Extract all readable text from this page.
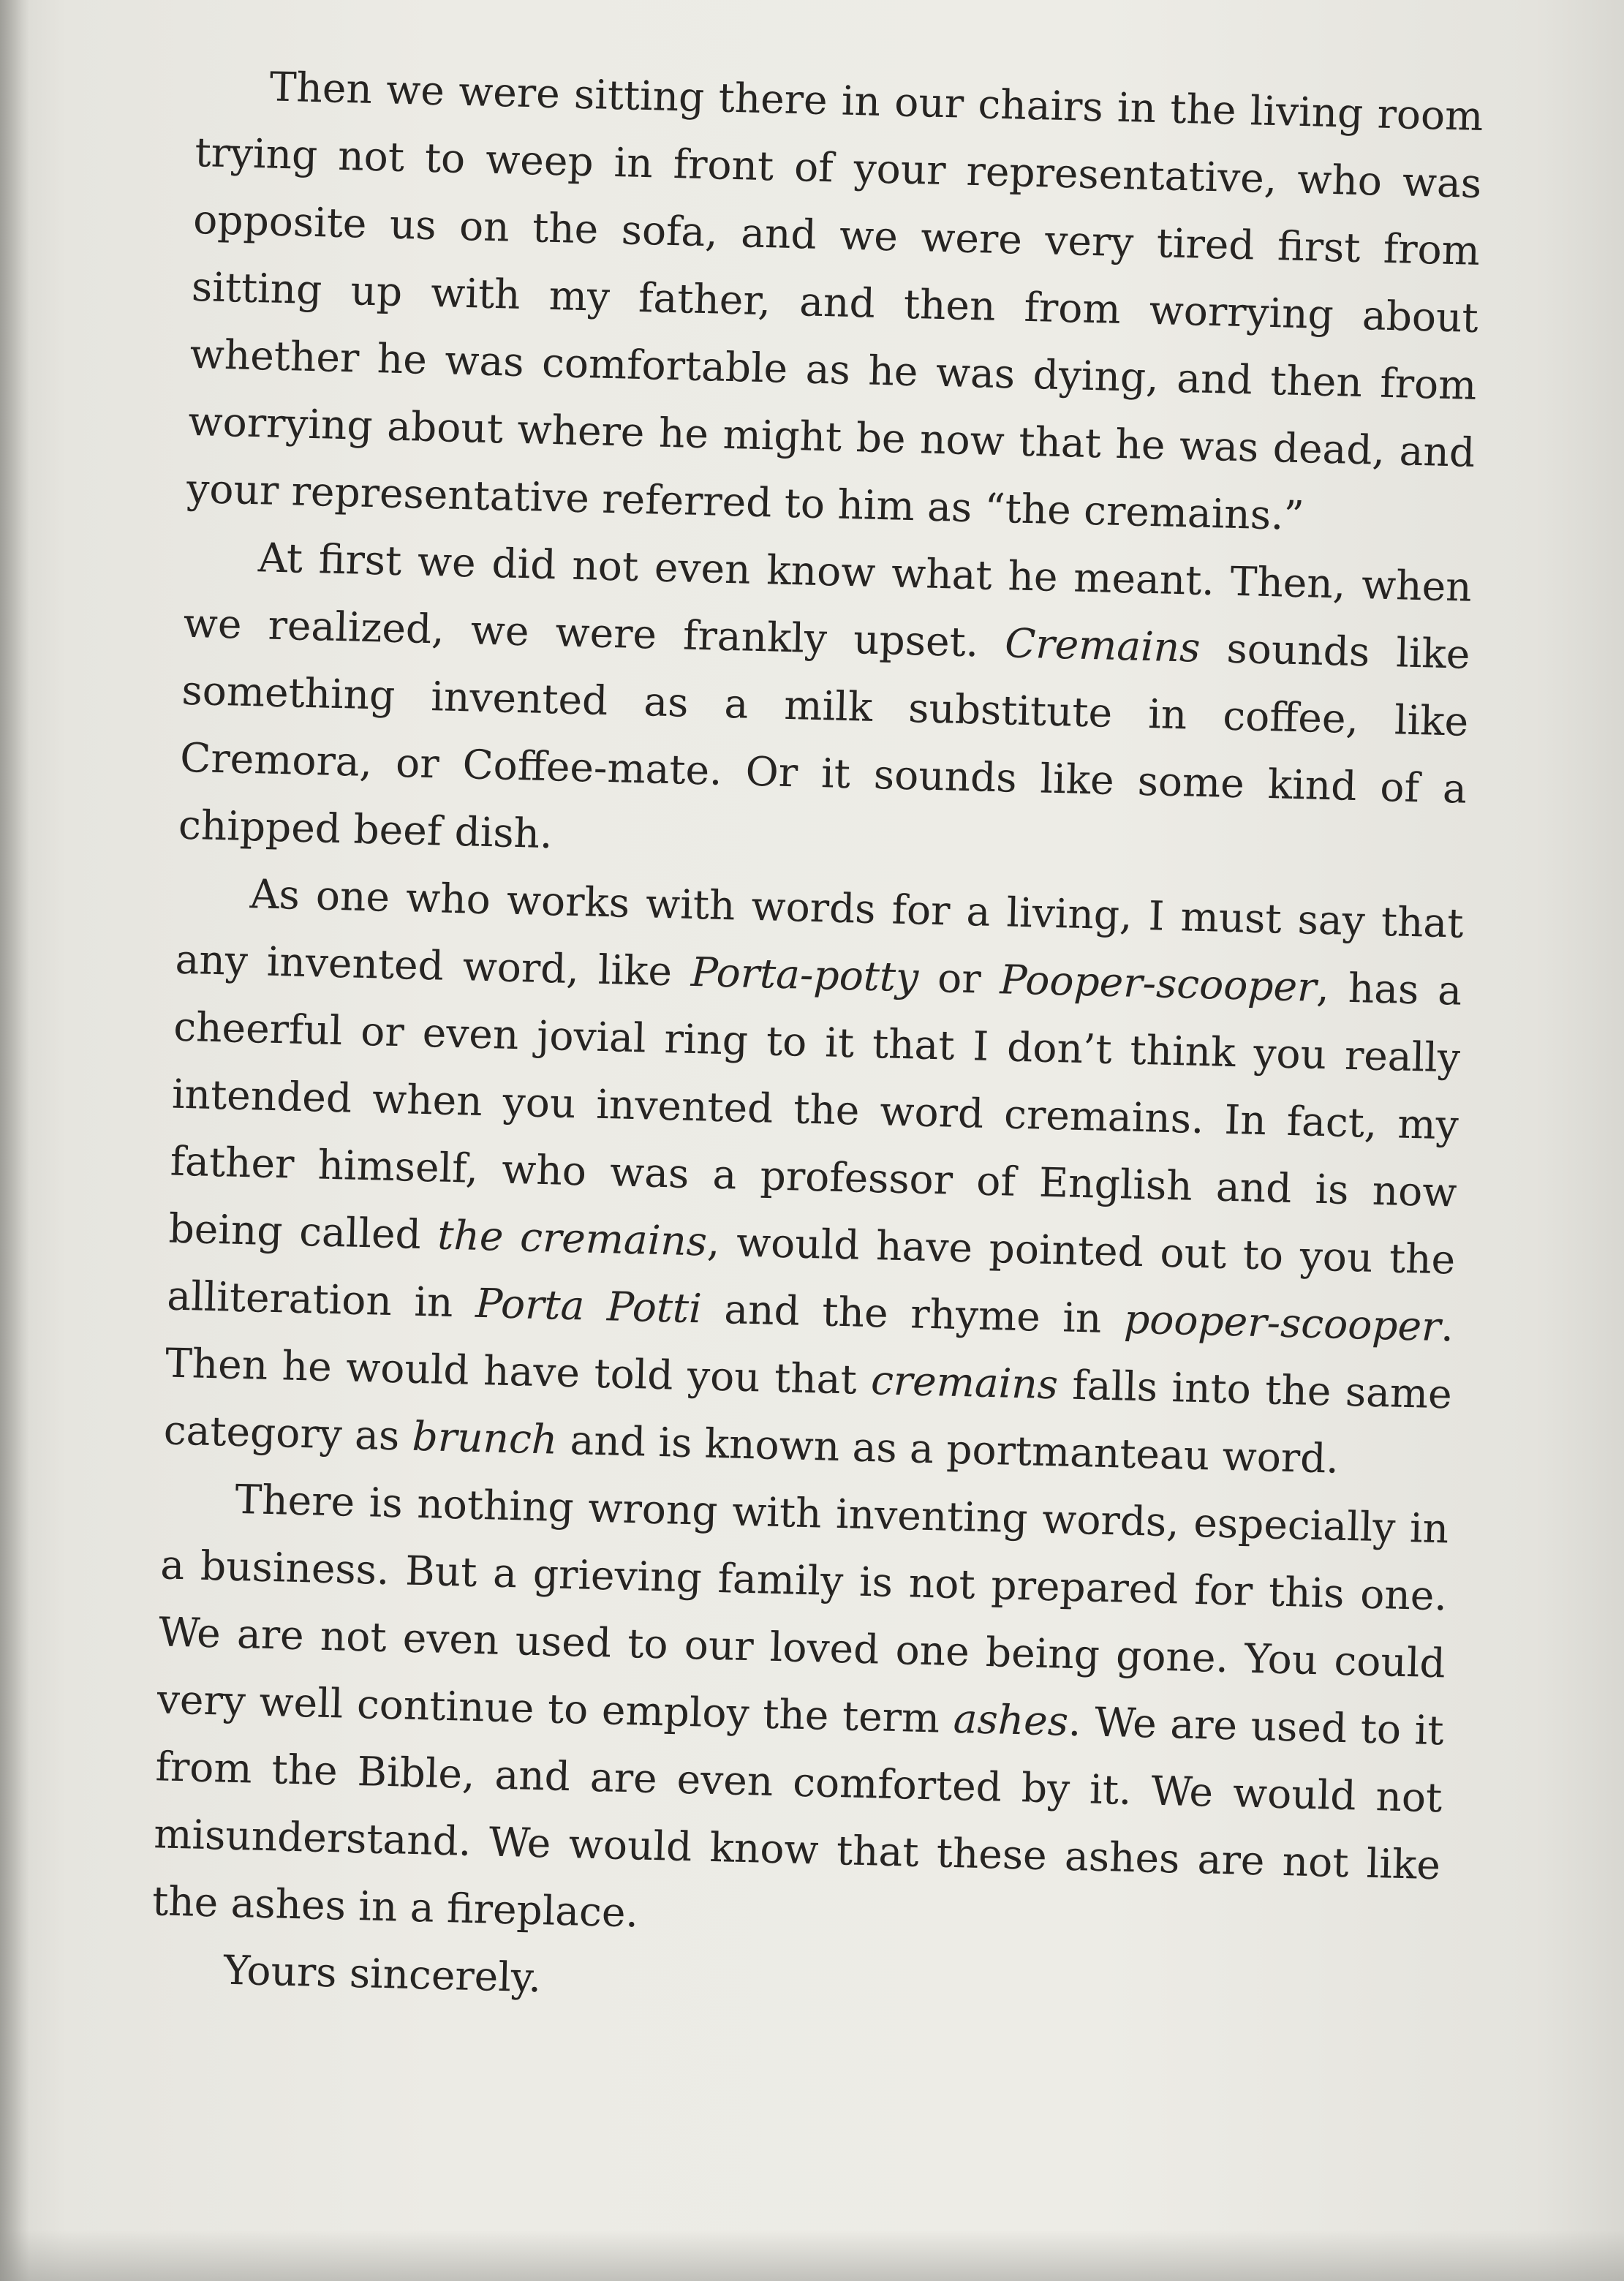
Then we were sitting there in our chairs in the living room trying not to weep in front of your representative, who was opposite us on the sofa, and we were very tired first from sitting up with my father, and then from worrying about whether he was comfortable as he was dying, and then from worrying about where he might be now that he was dead, and your representative referred to him as “the cremains.”

At first we did not even know what he meant. Then, when we realized, we were frankly upset. Cremains sounds like something invented as a milk substitute in coffee, like Cremora, or Coffee-mate. Or it sounds like some kind of a chipped beef dish.

As one who works with words for a living, I must say that any invented word, like Porta-potty or Pooper-scooper, has a cheerful or even jovial ring to it that I don’t think you really intended when you invented the word cremains. In fact, my father himself, who was a professor of English and is now being called the cremains, would have pointed out to you the alliteration in Porta Potti and the rhyme in pooper-scooper. Then he would have told you that cremains falls into the same category as brunch and is known as a portmanteau word.

There is nothing wrong with inventing words, especially in a business. But a grieving family is not prepared for this one. We are not even used to our loved one being gone. You could very well continue to employ the term ashes. We are used to it from the Bible, and are even comforted by it. We would not misunderstand. We would know that these ashes are not like the ashes in a fireplace.

Yours sincerely.
